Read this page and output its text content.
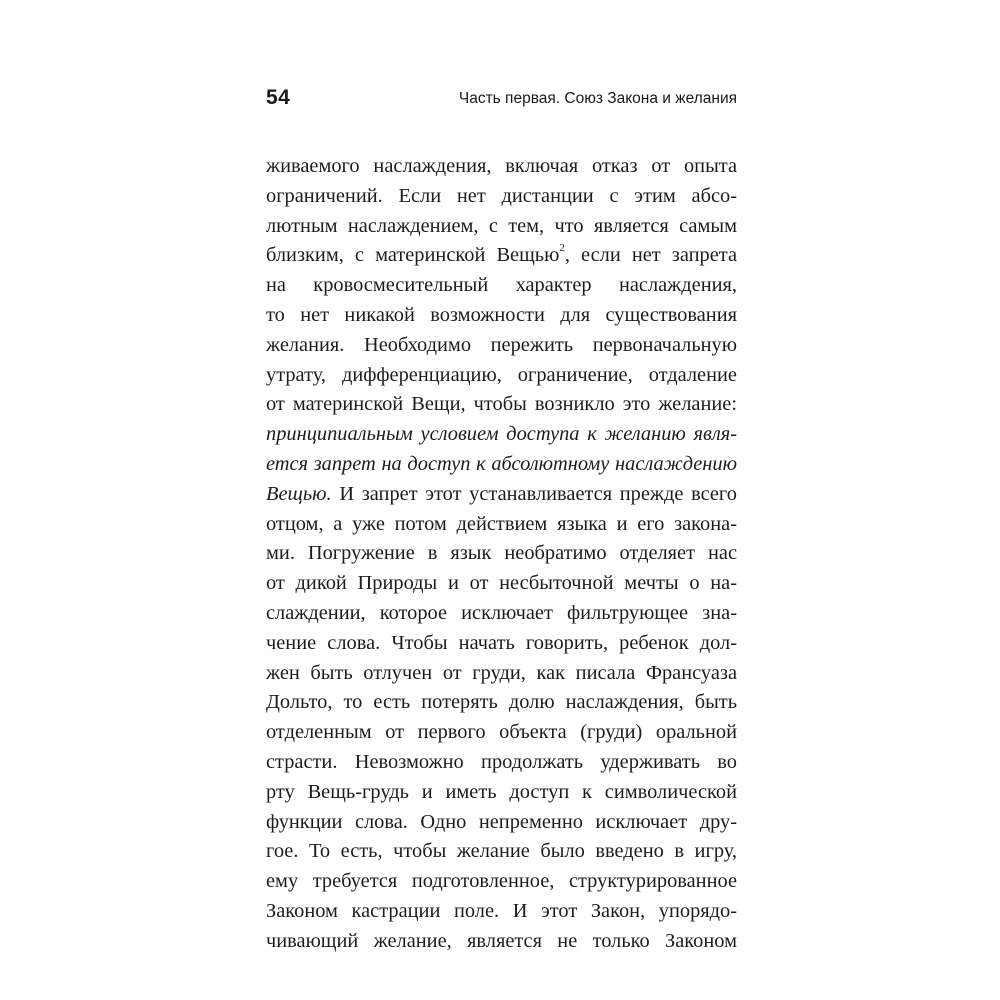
54	Часть первая. Союз Закона и желания
живаемого наслаждения, включая отказ от опыта
ограничений. Если нет дистанции с этим абсо-
лютным наслаждением, с тем, что является самым
близким, с материнской Вещью$^2$, если нет запрета
на кровосмесительный характер наслаждения,
то нет никакой возможности для существования
желания. Необходимо пережить первоначальную
утрату, дифференциацию, ограничение, отдаление
от материнской Вещи, чтобы возникло это желание:
принципиальным условием доступа к желанию явля-
ется запрет на доступ к абсолютному наслаждению
Вещью. И запрет этот устанавливается прежде всего
отцом, а уже потом действием языка и его закона-
ми. Погружение в язык необратимо отделяет нас
от дикой Природы и от несбыточной мечты о на-
слаждении, которое исключает фильтрующее зна-
чение слова. Чтобы начать говорить, ребенок дол-
жен быть отлучен от груди, как писала Франсуаза
Дольто, то есть потерять долю наслаждения, быть
отделенным от первого объекта (груди) оральной
страсти. Невозможно продолжать удерживать во
рту Вещь-грудь и иметь доступ к символической
функции слова. Одно непременно исключает дру-
гое. То есть, чтобы желание было введено в игру,
ему требуется подготовленное, структурированное
Законом кастрации поле. И этот Закон, упорядо-
чивающий желание, является не только Законом
